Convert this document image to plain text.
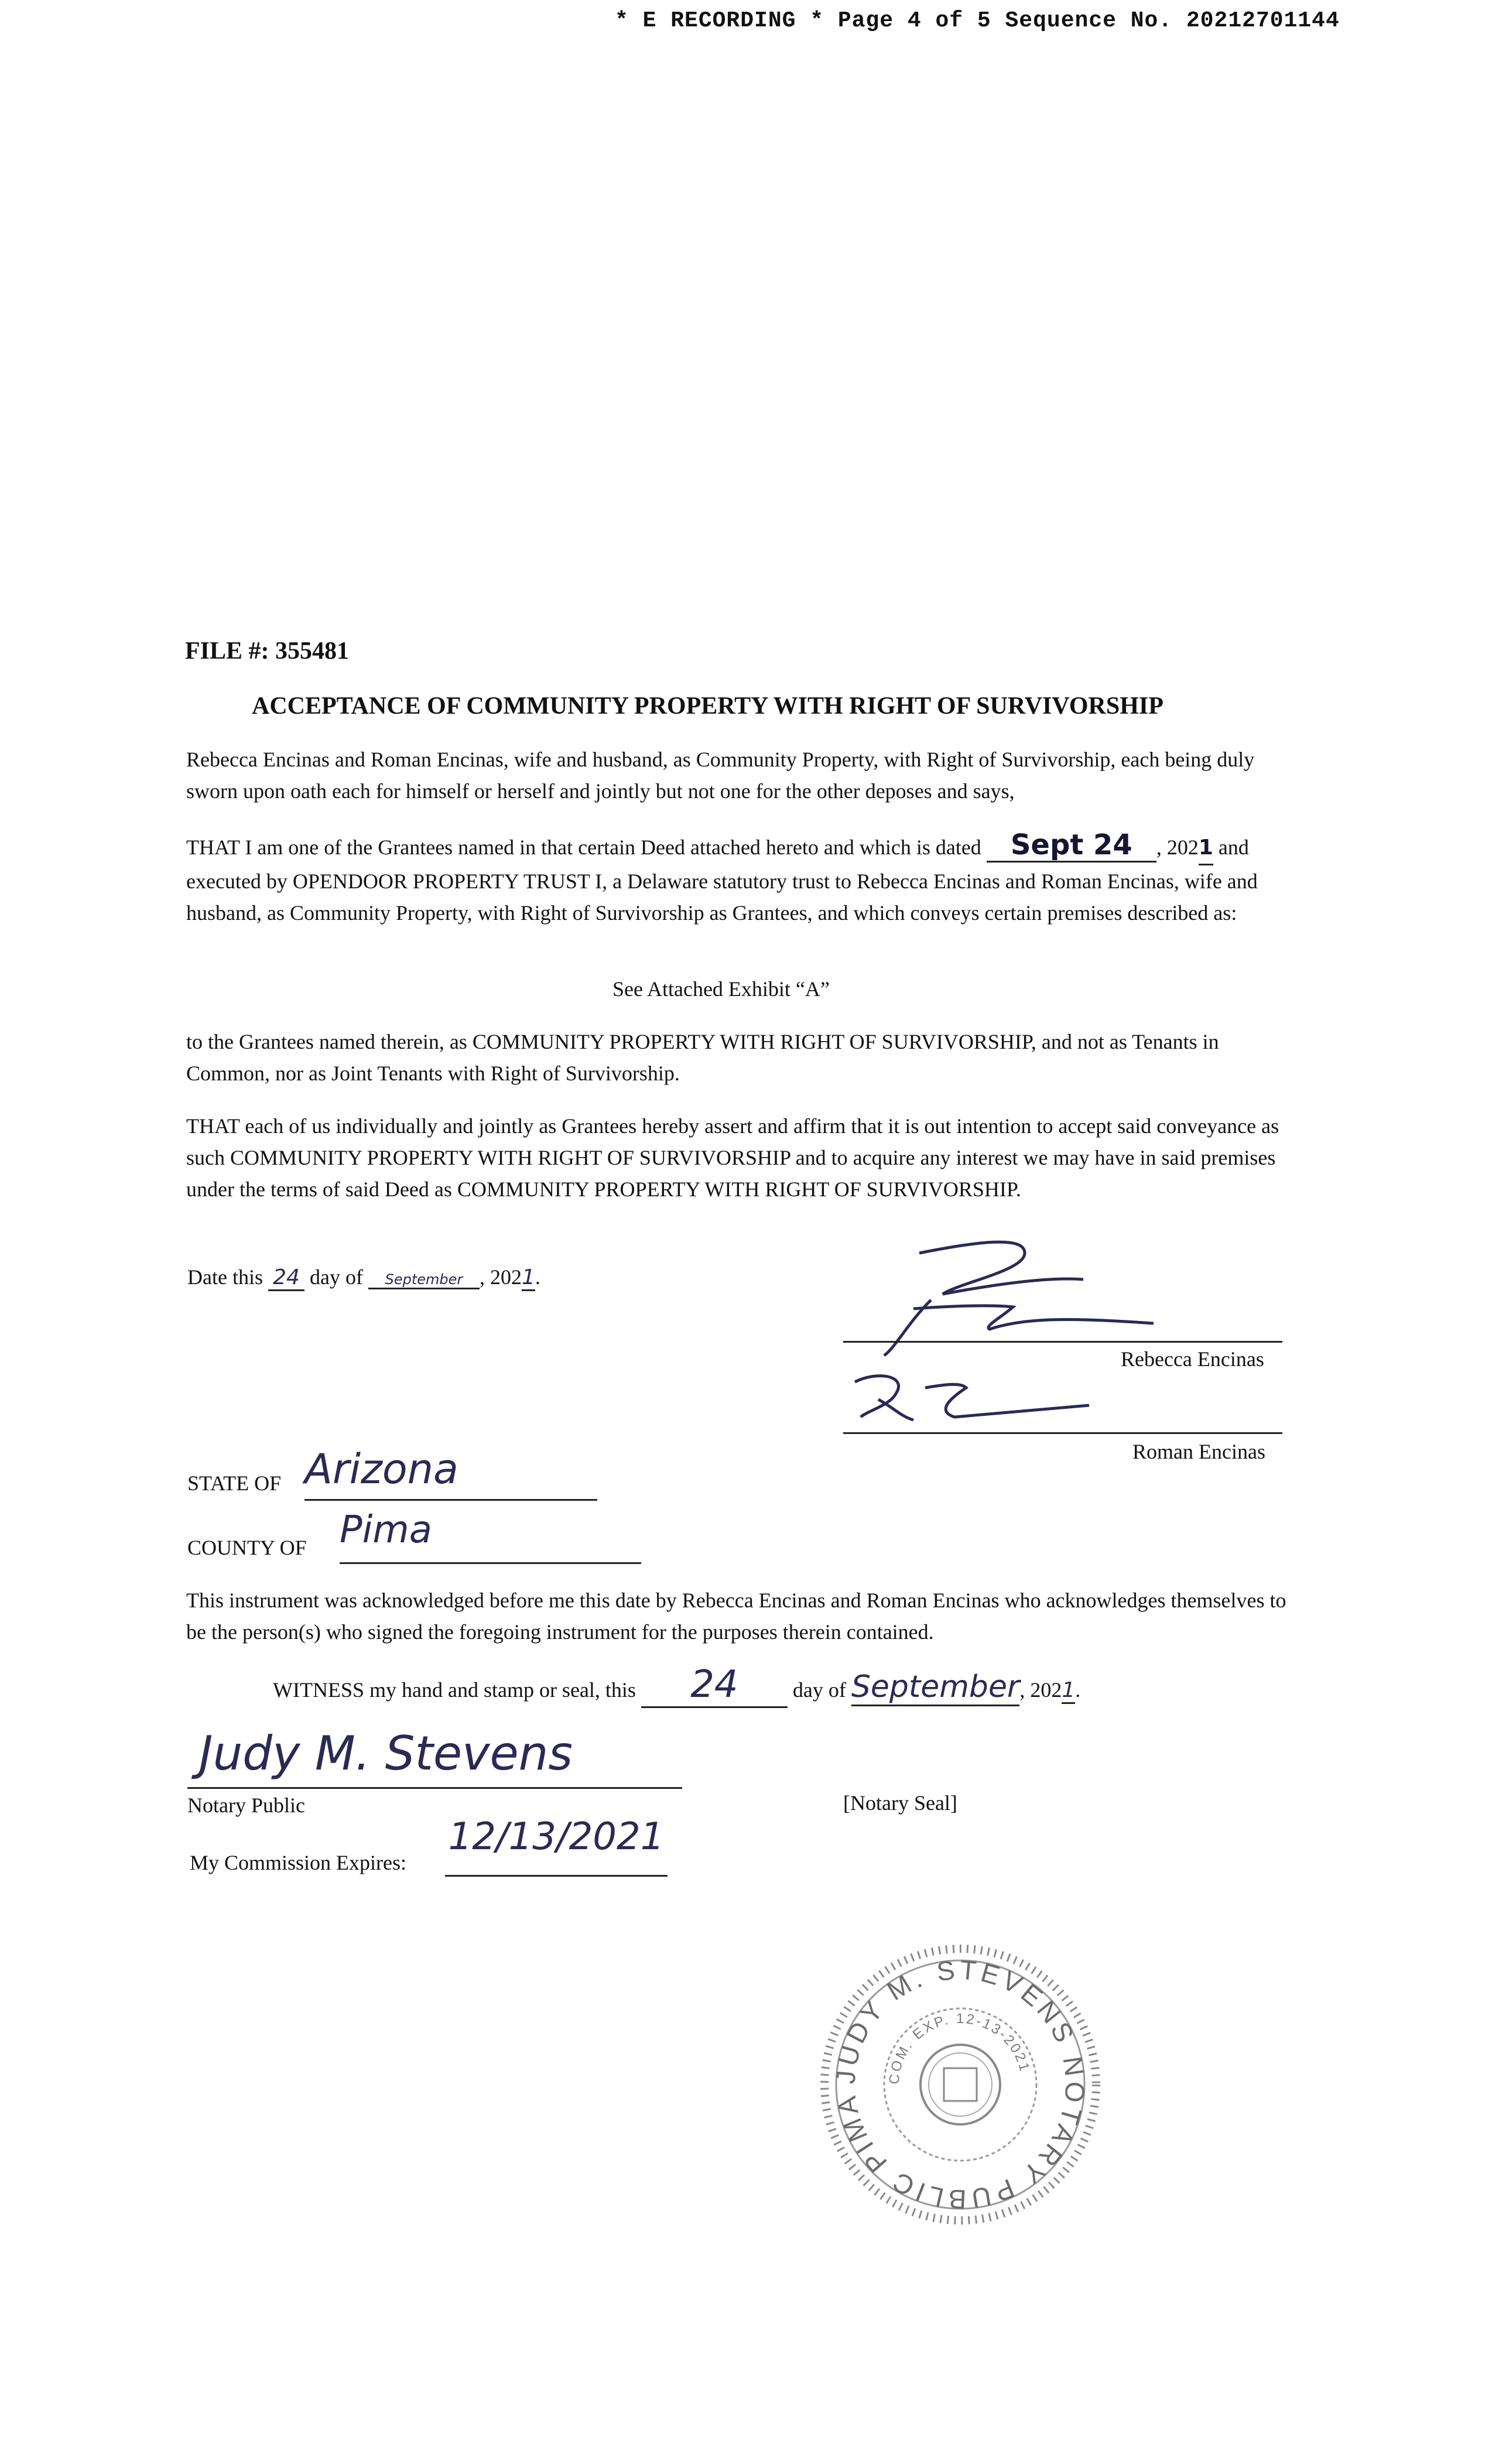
* E RECORDING * Page 4 of 5 Sequence No. 20212701144
FILE #: 355481
ACCEPTANCE OF COMMUNITY PROPERTY WITH RIGHT OF SURVIVORSHIP

Rebecca Encinas and Roman Encinas, wife and husband, as Community Property, with Right of Survivorship, each being duly sworn upon oath each for himself or herself and jointly but not one for the other deposes and says,

THAT I am one of the Grantees named in that certain Deed attached hereto and which is dated Sept 24 , 2021 and executed by OPENDOOR PROPERTY TRUST I, a Delaware statutory trust to Rebecca Encinas and Roman Encinas, wife and husband, as Community Property, with Right of Survivorship as Grantees, and which conveys certain premises described as:

See Attached Exhibit “A”

to the Grantees named therein, as COMMUNITY PROPERTY WITH RIGHT OF SURVIVORSHIP, and not as Tenants in Common, nor as Joint Tenants with Right of Survivorship.

THAT each of us individually and jointly as Grantees hereby assert and affirm that it is out intention to accept said conveyance as such COMMUNITY PROPERTY WITH RIGHT OF SURVIVORSHIP and to acquire any interest we may have in said premises under the terms of said Deed as COMMUNITY PROPERTY WITH RIGHT OF SURVIVORSHIP.

Date this 24 day of September , 2021.
Rebecca Encinas
Roman Encinas
STATE OF Arizona
COUNTY OF Pima

This instrument was acknowledged before me this date by Rebecca Encinas and Roman Encinas who acknowledges themselves to be the person(s) who signed the foregoing instrument for the purposes therein contained.

WITNESS my hand and stamp or seal, this 24 day of September, 2021.
Judy M. Stevens
Notary Public	[Notary Seal]
My Commission Expires:
12/13/2021
JUDY M. STEVENS NOTARY PUBLIC PIMA COUNTY, AZ
COM. EXP. 12-13-2021
